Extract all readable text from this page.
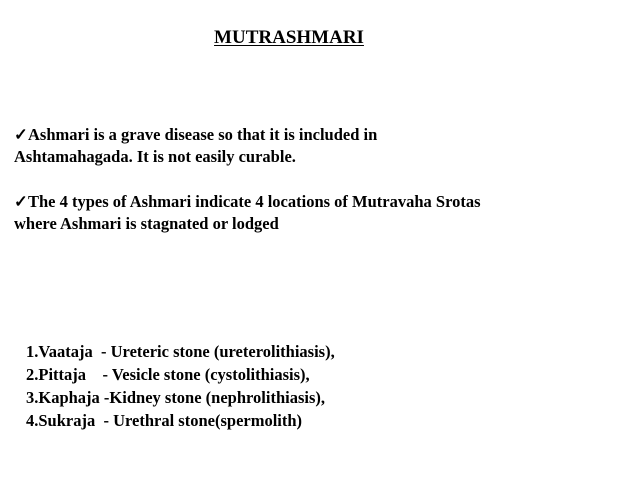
MUTRASHMARI

✓Ashmari is a grave disease so that it is included in
Ashtamahagada. It is not easily curable.

✓The 4 types of Ashmari indicate 4 locations of Mutravaha Srotas
where Ashmari is stagnated or lodged

1.Vaataja  - Ureteric stone (ureterolithiasis),
2.Pittaja    - Vesicle stone (cystolithiasis),
3.Kaphaja -Kidney stone (nephrolithiasis),
4.Sukraja  - Urethral stone(spermolith)
